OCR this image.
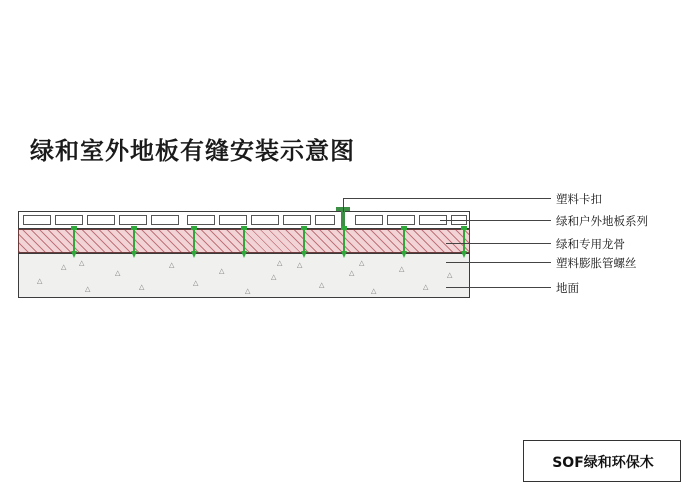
绿和室外地板有缝安装示意图
△
△
△
△
△
△
△
△
△
△
△
△
△
△
△
△
△
△	△	△
塑料卡扣
绿和户外地板系列
绿和专用龙骨
塑料膨胀管螺丝
地面
SOF绿和环保木
